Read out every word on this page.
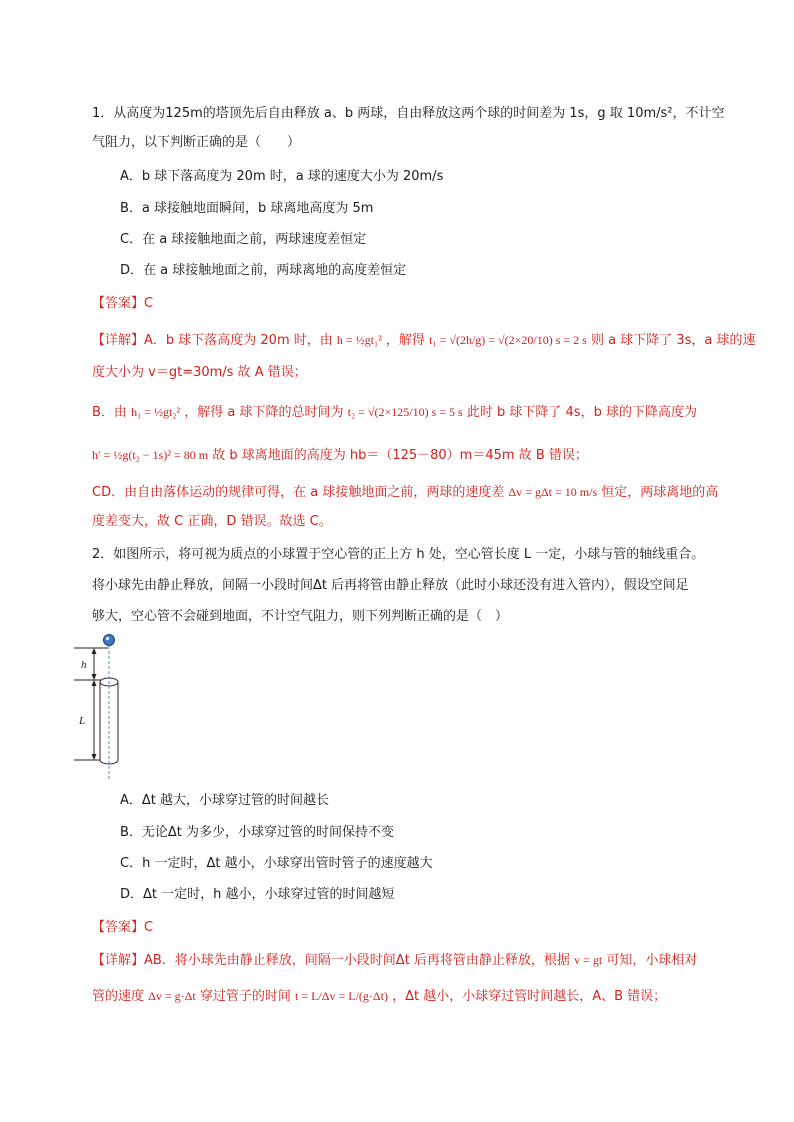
1．从高度为125m的塔顶先后自由释放 a、b 两球，自由释放这两个球的时间差为 1s，g 取 10m/s²，不计空
气阻力，以下判断正确的是（　　）
A．b 球下落高度为 20m 时，a 球的速度大小为 20m/s
B．a 球接触地面瞬间，b 球离地高度为 5m
C．在 a 球接触地面之前，两球速度差恒定
D．在 a 球接触地面之前，两球离地的高度差恒定
【答案】C
【详解】A．b 球下落高度为 20m 时，由 h = ½gt₁² ，解得 t₁ = √(2h/g) = √(2×20/10) s = 2 s 则 a 球下降了 3s，a 球的速
度大小为 v＝gt=30m/s 故 A 错误；
B．由 h₁ = ½gt₂² ，解得 a 球下降的总时间为 t₂ = √(2×125/10) s = 5 s 此时 b 球下降了 4s，b 球的下降高度为
h′ = ½g(t₂ − 1s)² = 80 m 故 b 球离地面的高度为 hb＝（125－80）m＝45m 故 B 错误；
CD．由自由落体运动的规律可得，在 a 球接触地面之前，两球的速度差 Δv = gΔt = 10 m/s 恒定，两球离地的高
度差变大，故 C 正确，D 错误。故选 C。
2．如图所示，将可视为质点的小球置于空心管的正上方 h 处，空心管长度 L 一定，小球与管的轴线重合。
将小球先由静止释放，间隔一小段时间Δt 后再将管由静止释放（此时小球还没有进入管内），假设空间足
够大，空心管不会碰到地面，不计空气阻力，则下列判断正确的是（　）
h
L
A．Δt 越大，小球穿过管的时间越长
B．无论Δt 为多少，小球穿过管的时间保持不变
C．h 一定时，Δt 越小，小球穿出管时管子的速度越大
D．Δt 一定时，h 越小，小球穿过管的时间越短
【答案】C
【详解】AB．将小球先由静止释放，间隔一小段时间Δt 后再将管由静止释放，根据 v = gt 可知，小球相对
管的速度 Δv = g·Δt 穿过管子的时间 t = L/Δv = L/(g·Δt) ，Δt 越小，小球穿过管时间越长，A、B 错误；
